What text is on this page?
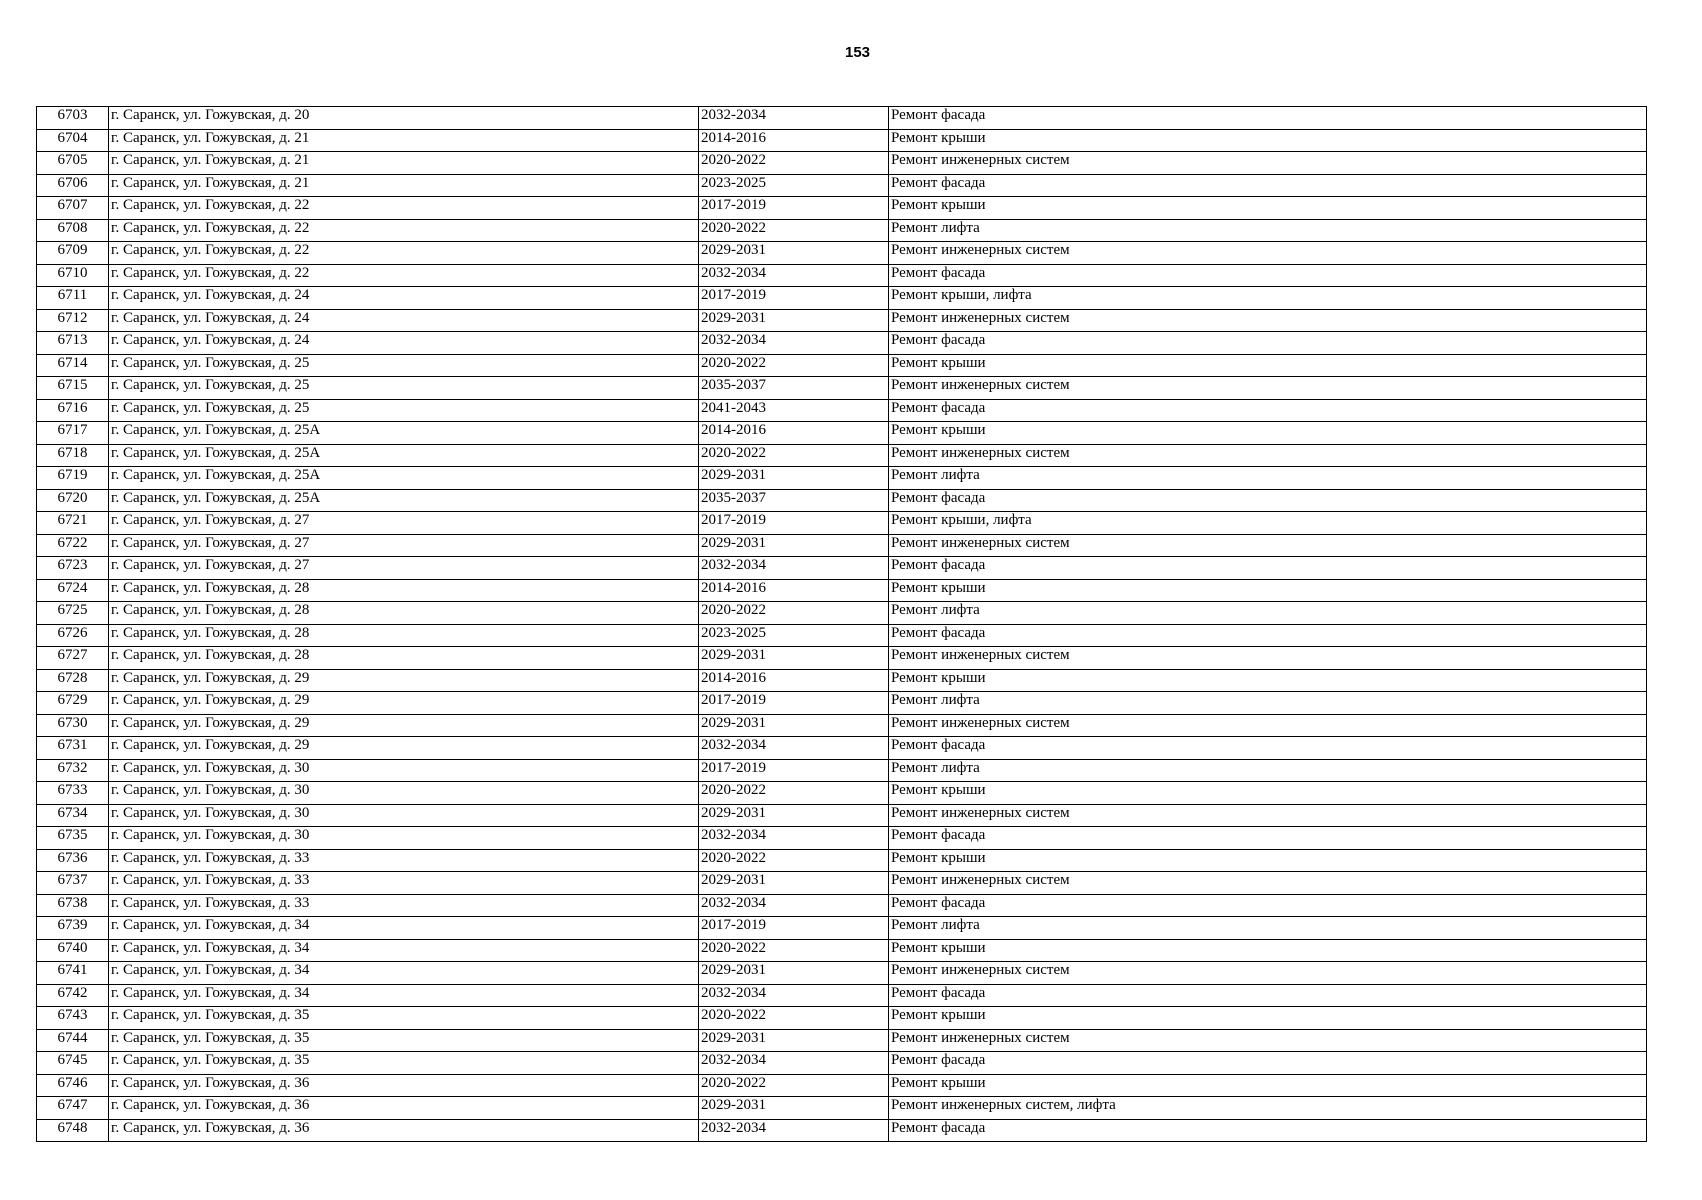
153
6703	г. Саранск, ул. Гожувская, д. 20	2032-2034	Ремонт фасада
6704	г. Саранск, ул. Гожувская, д. 21	2014-2016	Ремонт крыши
6705	г. Саранск, ул. Гожувская, д. 21	2020-2022	Ремонт инженерных систем
6706	г. Саранск, ул. Гожувская, д. 21	2023-2025	Ремонт фасада
6707	г. Саранск, ул. Гожувская, д. 22	2017-2019	Ремонт крыши
6708	г. Саранск, ул. Гожувская, д. 22	2020-2022	Ремонт лифта
6709	г. Саранск, ул. Гожувская, д. 22	2029-2031	Ремонт инженерных систем
6710	г. Саранск, ул. Гожувская, д. 22	2032-2034	Ремонт фасада
6711	г. Саранск, ул. Гожувская, д. 24	2017-2019	Ремонт крыши, лифта
6712	г. Саранск, ул. Гожувская, д. 24	2029-2031	Ремонт инженерных систем
6713	г. Саранск, ул. Гожувская, д. 24	2032-2034	Ремонт фасада
6714	г. Саранск, ул. Гожувская, д. 25	2020-2022	Ремонт крыши
6715	г. Саранск, ул. Гожувская, д. 25	2035-2037	Ремонт инженерных систем
6716	г. Саранск, ул. Гожувская, д. 25	2041-2043	Ремонт фасада
6717	г. Саранск, ул. Гожувская, д. 25А	2014-2016	Ремонт крыши
6718	г. Саранск, ул. Гожувская, д. 25А	2020-2022	Ремонт инженерных систем
6719	г. Саранск, ул. Гожувская, д. 25А	2029-2031	Ремонт лифта
6720	г. Саранск, ул. Гожувская, д. 25А	2035-2037	Ремонт фасада
6721	г. Саранск, ул. Гожувская, д. 27	2017-2019	Ремонт крыши, лифта
6722	г. Саранск, ул. Гожувская, д. 27	2029-2031	Ремонт инженерных систем
6723	г. Саранск, ул. Гожувская, д. 27	2032-2034	Ремонт фасада
6724	г. Саранск, ул. Гожувская, д. 28	2014-2016	Ремонт крыши
6725	г. Саранск, ул. Гожувская, д. 28	2020-2022	Ремонт лифта
6726	г. Саранск, ул. Гожувская, д. 28	2023-2025	Ремонт фасада
6727	г. Саранск, ул. Гожувская, д. 28	2029-2031	Ремонт инженерных систем
6728	г. Саранск, ул. Гожувская, д. 29	2014-2016	Ремонт крыши
6729	г. Саранск, ул. Гожувская, д. 29	2017-2019	Ремонт лифта
6730	г. Саранск, ул. Гожувская, д. 29	2029-2031	Ремонт инженерных систем
6731	г. Саранск, ул. Гожувская, д. 29	2032-2034	Ремонт фасада
6732	г. Саранск, ул. Гожувская, д. 30	2017-2019	Ремонт лифта
6733	г. Саранск, ул. Гожувская, д. 30	2020-2022	Ремонт крыши
6734	г. Саранск, ул. Гожувская, д. 30	2029-2031	Ремонт инженерных систем
6735	г. Саранск, ул. Гожувская, д. 30	2032-2034	Ремонт фасада
6736	г. Саранск, ул. Гожувская, д. 33	2020-2022	Ремонт крыши
6737	г. Саранск, ул. Гожувская, д. 33	2029-2031	Ремонт инженерных систем
6738	г. Саранск, ул. Гожувская, д. 33	2032-2034	Ремонт фасада
6739	г. Саранск, ул. Гожувская, д. 34	2017-2019	Ремонт лифта
6740	г. Саранск, ул. Гожувская, д. 34	2020-2022	Ремонт крыши
6741	г. Саранск, ул. Гожувская, д. 34	2029-2031	Ремонт инженерных систем
6742	г. Саранск, ул. Гожувская, д. 34	2032-2034	Ремонт фасада
6743	г. Саранск, ул. Гожувская, д. 35	2020-2022	Ремонт крыши
6744	г. Саранск, ул. Гожувская, д. 35	2029-2031	Ремонт инженерных систем
6745	г. Саранск, ул. Гожувская, д. 35	2032-2034	Ремонт фасада
6746	г. Саранск, ул. Гожувская, д. 36	2020-2022	Ремонт крыши
6747	г. Саранск, ул. Гожувская, д. 36	2029-2031	Ремонт инженерных систем, лифта
6748	г. Саранск, ул. Гожувская, д. 36	2032-2034	Ремонт фасада
